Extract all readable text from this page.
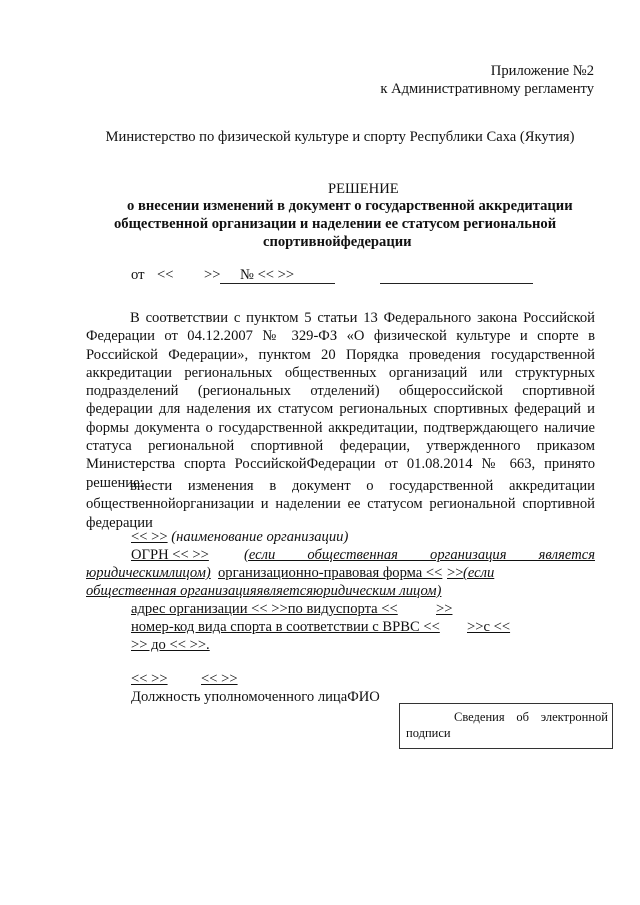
Приложение №2
к Административному регламенту
Министерство по физической культуре и спорту Республики Саха (Якутия)
РЕШЕНИЕ
о внесении изменений в документ о государственной аккредитации
общественной организации и наделении ее статусом региональной
спортивнойфедерации
от << >> № << >>
В соответствии с пунктом 5 статьи 13 Федерального закона Российской
Федерации от 04.12.2007 № 329-ФЗ «О физической культуре и спорте в
Российской Федерации», пунктом 20 Порядка проведения государственной
аккредитации региональных общественных организаций или структурных
подразделений (региональных отделений) общероссийской спортивной
федерации для наделения их статусом региональных спортивных федераций и
формы документа о государственной аккредитации, подтверждающего наличие
статуса региональной спортивной федерации, утвержденного приказом
Министерства спорта РоссийскойФедерации от 01.08.2014 № 663, принято
решение:
внести изменения в документ о государственной аккредитации
общественнойорганизации и наделении ее статусом региональной спортивной
федерации
<< >> (наименование организации)
ОГРН << >> (если общественная организация является
юридическимлицом) организационно-правовая форма << >> (если
общественная организацияявляетсяюридическим лицом)
адрес организации << >>по видуспорта <<	>>
номер-код вида спорта в соответствии с ВРВС << >>с <<
>> до << >>.
<< >> << >>
Должность уполномоченного лицаФИО
Сведения об электронной
подписи
